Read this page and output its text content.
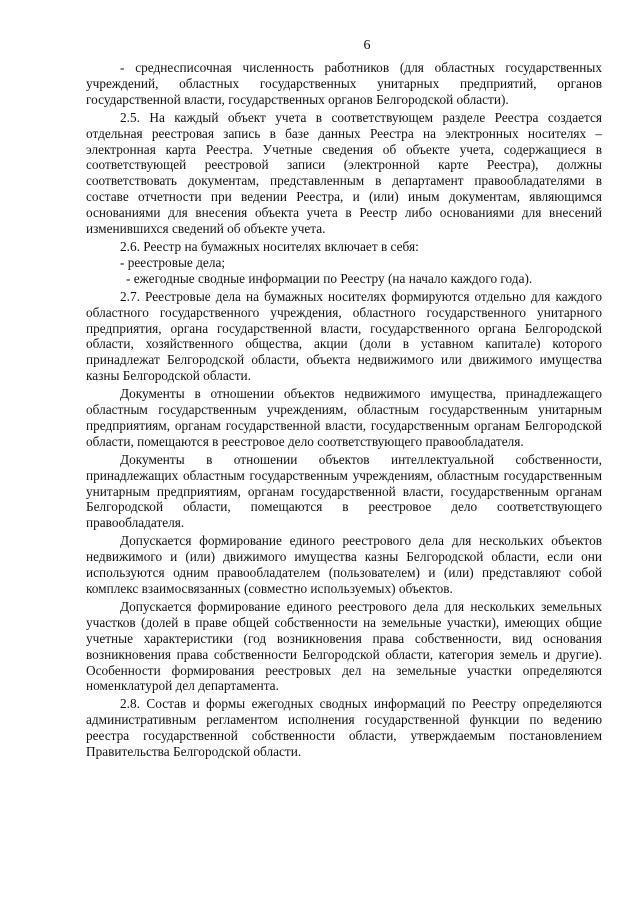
6

- среднесписочная численность работников (для областных государственных учреждений, областных государственных унитарных предприятий, органов государственной власти, государственных органов Белгородской области).

2.5. На каждый объект учета в соответствующем разделе Реестра создается отдельная реестровая запись в базе данных Реестра на электронных носителях – электронная карта Реестра. Учетные сведения об объекте учета, содержащиеся в соответствующей реестровой записи (электронной карте Реестра), должны соответствовать документам, представленным в департамент правообладателями в составе отчетности при ведении Реестра, и (или) иным документам, являющимся основаниями для внесения объекта учета в Реестр либо основаниями для внесений изменившихся сведений об объекте учета.

2.6. Реестр на бумажных носителях включает в себя:

- реестровые дела;

- ежегодные сводные информации по Реестру (на начало каждого года).

2.7. Реестровые дела на бумажных носителях формируются отдельно для каждого областного государственного учреждения, областного государственного унитарного предприятия, органа государственной власти, государственного органа Белгородской области, хозяйственного общества, акции (доли в уставном капитале) которого принадлежат Белгородской области, объекта недвижимого или движимого имущества казны Белгородской области.

Документы в отношении объектов недвижимого имущества, принадлежащего областным государственным учреждениям, областным государственным унитарным предприятиям, органам государственной власти, государственным органам Белгородской области, помещаются в реестровое дело соответствующего правообладателя.

Документы в отношении объектов интеллектуальной собственности, принадлежащих областным государственным учреждениям, областным государственным унитарным предприятиям, органам государственной власти, государственным органам Белгородской области, помещаются в реестровое дело соответствующего правообладателя.

Допускается формирование единого реестрового дела для нескольких объектов недвижимого и (или) движимого имущества казны Белгородской области, если они используются одним правообладателем (пользователем) и (или) представляют собой комплекс взаимосвязанных (совместно используемых) объектов.

Допускается формирование единого реестрового дела для нескольких земельных участков (долей в праве общей собственности на земельные участки), имеющих общие учетные характеристики (год возникновения права собственности, вид основания возникновения права собственности Белгородской области, категория земель и другие). Особенности формирования реестровых дел на земельные участки определяются номенклатурой дел департамента.

2.8. Состав и формы ежегодных сводных информаций по Реестру определяются административным регламентом исполнения государственной функции по ведению реестра государственной собственности области, утверждаемым постановлением Правительства Белгородской области.
